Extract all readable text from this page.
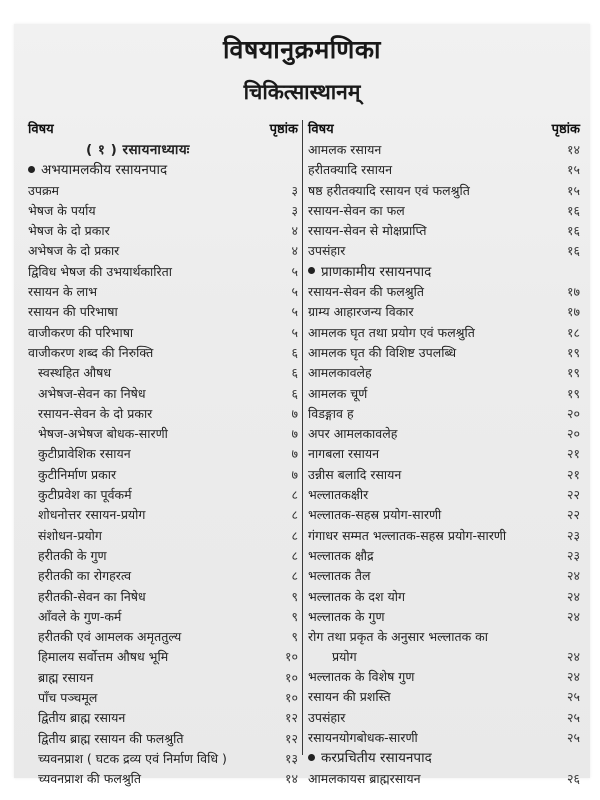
विषयानुक्रमणिका
चिकित्सास्थानम्
विषय	पृष्ठांक
( १ ) रसायनाध्यायः
अभयामलकीय रसायनपाद
उपक्रम	३
भेषज के पर्याय	३
भेषज के दो प्रकार	४
अभेषज के दो प्रकार	४
द्विविध भेषज की उभयार्थकारिता	५
रसायन के लाभ	५
रसायन की परिभाषा	५
वाजीकरण की परिभाषा	५
वाजीकरण शब्द की निरुक्ति	६
स्वस्थहित औषध	६
अभेषज-सेवन का निषेध	६
रसायन-सेवन के दो प्रकार	७
भेषज-अभेषज बोधक-सारणी	७
कुटीप्रावेशिक रसायन	७
कुटीनिर्माण प्रकार	७
कुटीप्रवेश का पूर्वकर्म	८
शोधनोत्तर रसायन-प्रयोग	८
संशोधन-प्रयोग	८
हरीतकी के गुण	८
हरीतकी का रोगहरत्व	८
हरीतकी-सेवन का निषेध	९
आँवले के गुण-कर्म	९
हरीतकी एवं आमलक अमृततुल्य	९
हिमालय सर्वोत्तम औषध भूमि	१०
ब्राह्म रसायन	१०
पाँच पञ्चमूल	१०
द्वितीय ब्राह्म रसायन	१२
द्वितीय ब्राह्म रसायन की फलश्रुति	१२
च्यवनप्राश ( घटक द्रव्य एवं निर्माण विधि )	१३
च्यवनप्राश की फलश्रुति	१४
विषय	पृष्ठांक
आमलक रसायन	१४
हरीतक्यादि रसायन	१५
षष्ठ हरीतक्यादि रसायन एवं फलश्रुति	१५
रसायन-सेवन का फल	१६
रसायन-सेवन से मोक्षप्राप्ति	१६
उपसंहार	१६
प्राणकामीय रसायनपाद
रसायन-सेवन की फलश्रुति	१७
ग्राम्य आहारजन्य विकार	१७
आमलक घृत तथा प्रयोग एवं फलश्रुति	१८
आमलक घृत की विशिष्ट उपलब्धि	१९
आमलकावलेह	१९
आमलक चूर्ण	१९
विडङ्गाव ह	२०
अपर आमलकावलेह	२०
नागबला रसायन	२१
उन्नीस बलादि रसायन	२१
भल्लातकक्षीर	२२
भल्लातक-सहस्र प्रयोग-सारणी	२२
गंगाधर सम्मत भल्लातक-सहस्र प्रयोग-सारणी	२३
भल्लातक क्षौद्र	२३
भल्लातक तैल	२४
भल्लातक के दश योग	२४
भल्लातक के गुण	२४
रोग तथा प्रकृत के अनुसार भल्लातक का
प्रयोग	२४
भल्लातक के विशेष गुण	२४
रसायन की प्रशस्ति	२५
उपसंहार	२५
रसायनयोगबोधक-सारणी	२५
करप्रचितीय रसायनपाद
आमलकायस ब्राह्मरसायन	२६
